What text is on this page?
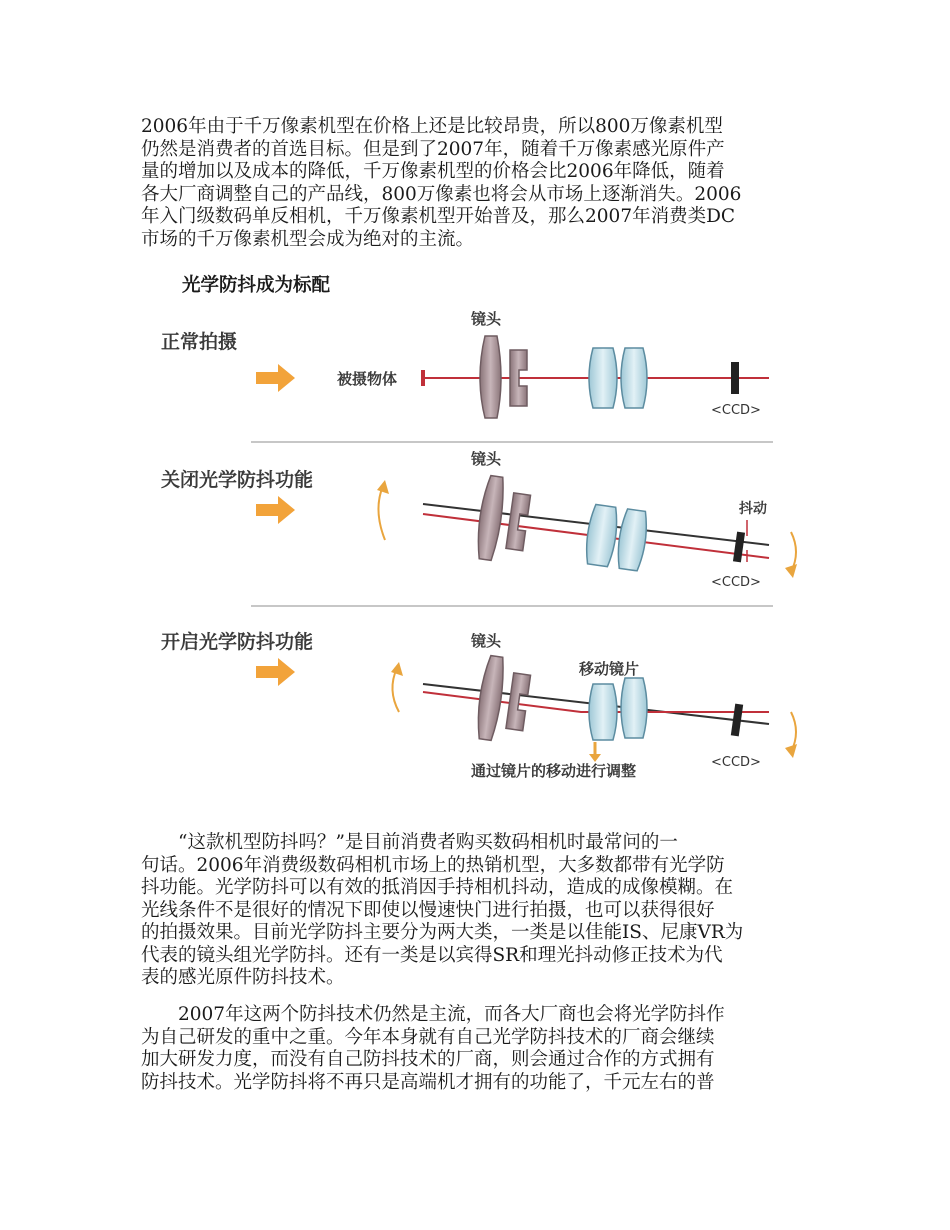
2006年由于千万像素机型在价格上还是比较昂贵，所以800万像素机型
仍然是消费者的首选目标。但是到了2007年，随着千万像素感光原件产
量的增加以及成本的降低，千万像素机型的价格会比2006年降低，随着
各大厂商调整自己的产品线，800万像素也将会从市场上逐渐消失。2006
年入门级数码单反相机，千万像素机型开始普及，那么2007年消费类DC
市场的千万像素机型会成为绝对的主流。
光学防抖成为标配
正常拍摄
被摄物体
镜头
<CCD>
关闭光学防抖功能
镜头
抖动
<CCD>
开启光学防抖功能	镜头
移动镜片
通过镜片的移动进行调整	<CCD>
　　“这款机型防抖吗？”是目前消费者购买数码相机时最常问的一
句话。2006年消费级数码相机市场上的热销机型，大多数都带有光学防
抖功能。光学防抖可以有效的抵消因手持相机抖动，造成的成像模糊。在
光线条件不是很好的情况下即使以慢速快门进行拍摄，也可以获得很好
的拍摄效果。目前光学防抖主要分为两大类，一类是以佳能IS、尼康VR为
代表的镜头组光学防抖。还有一类是以宾得SR和理光抖动修正技术为代
表的感光原件防抖技术。
　　2007年这两个防抖技术仍然是主流，而各大厂商也会将光学防抖作
为自己研发的重中之重。今年本身就有自己光学防抖技术的厂商会继续
加大研发力度，而没有自己防抖技术的厂商，则会通过合作的方式拥有
防抖技术。光学防抖将不再只是高端机才拥有的功能了，千元左右的普
